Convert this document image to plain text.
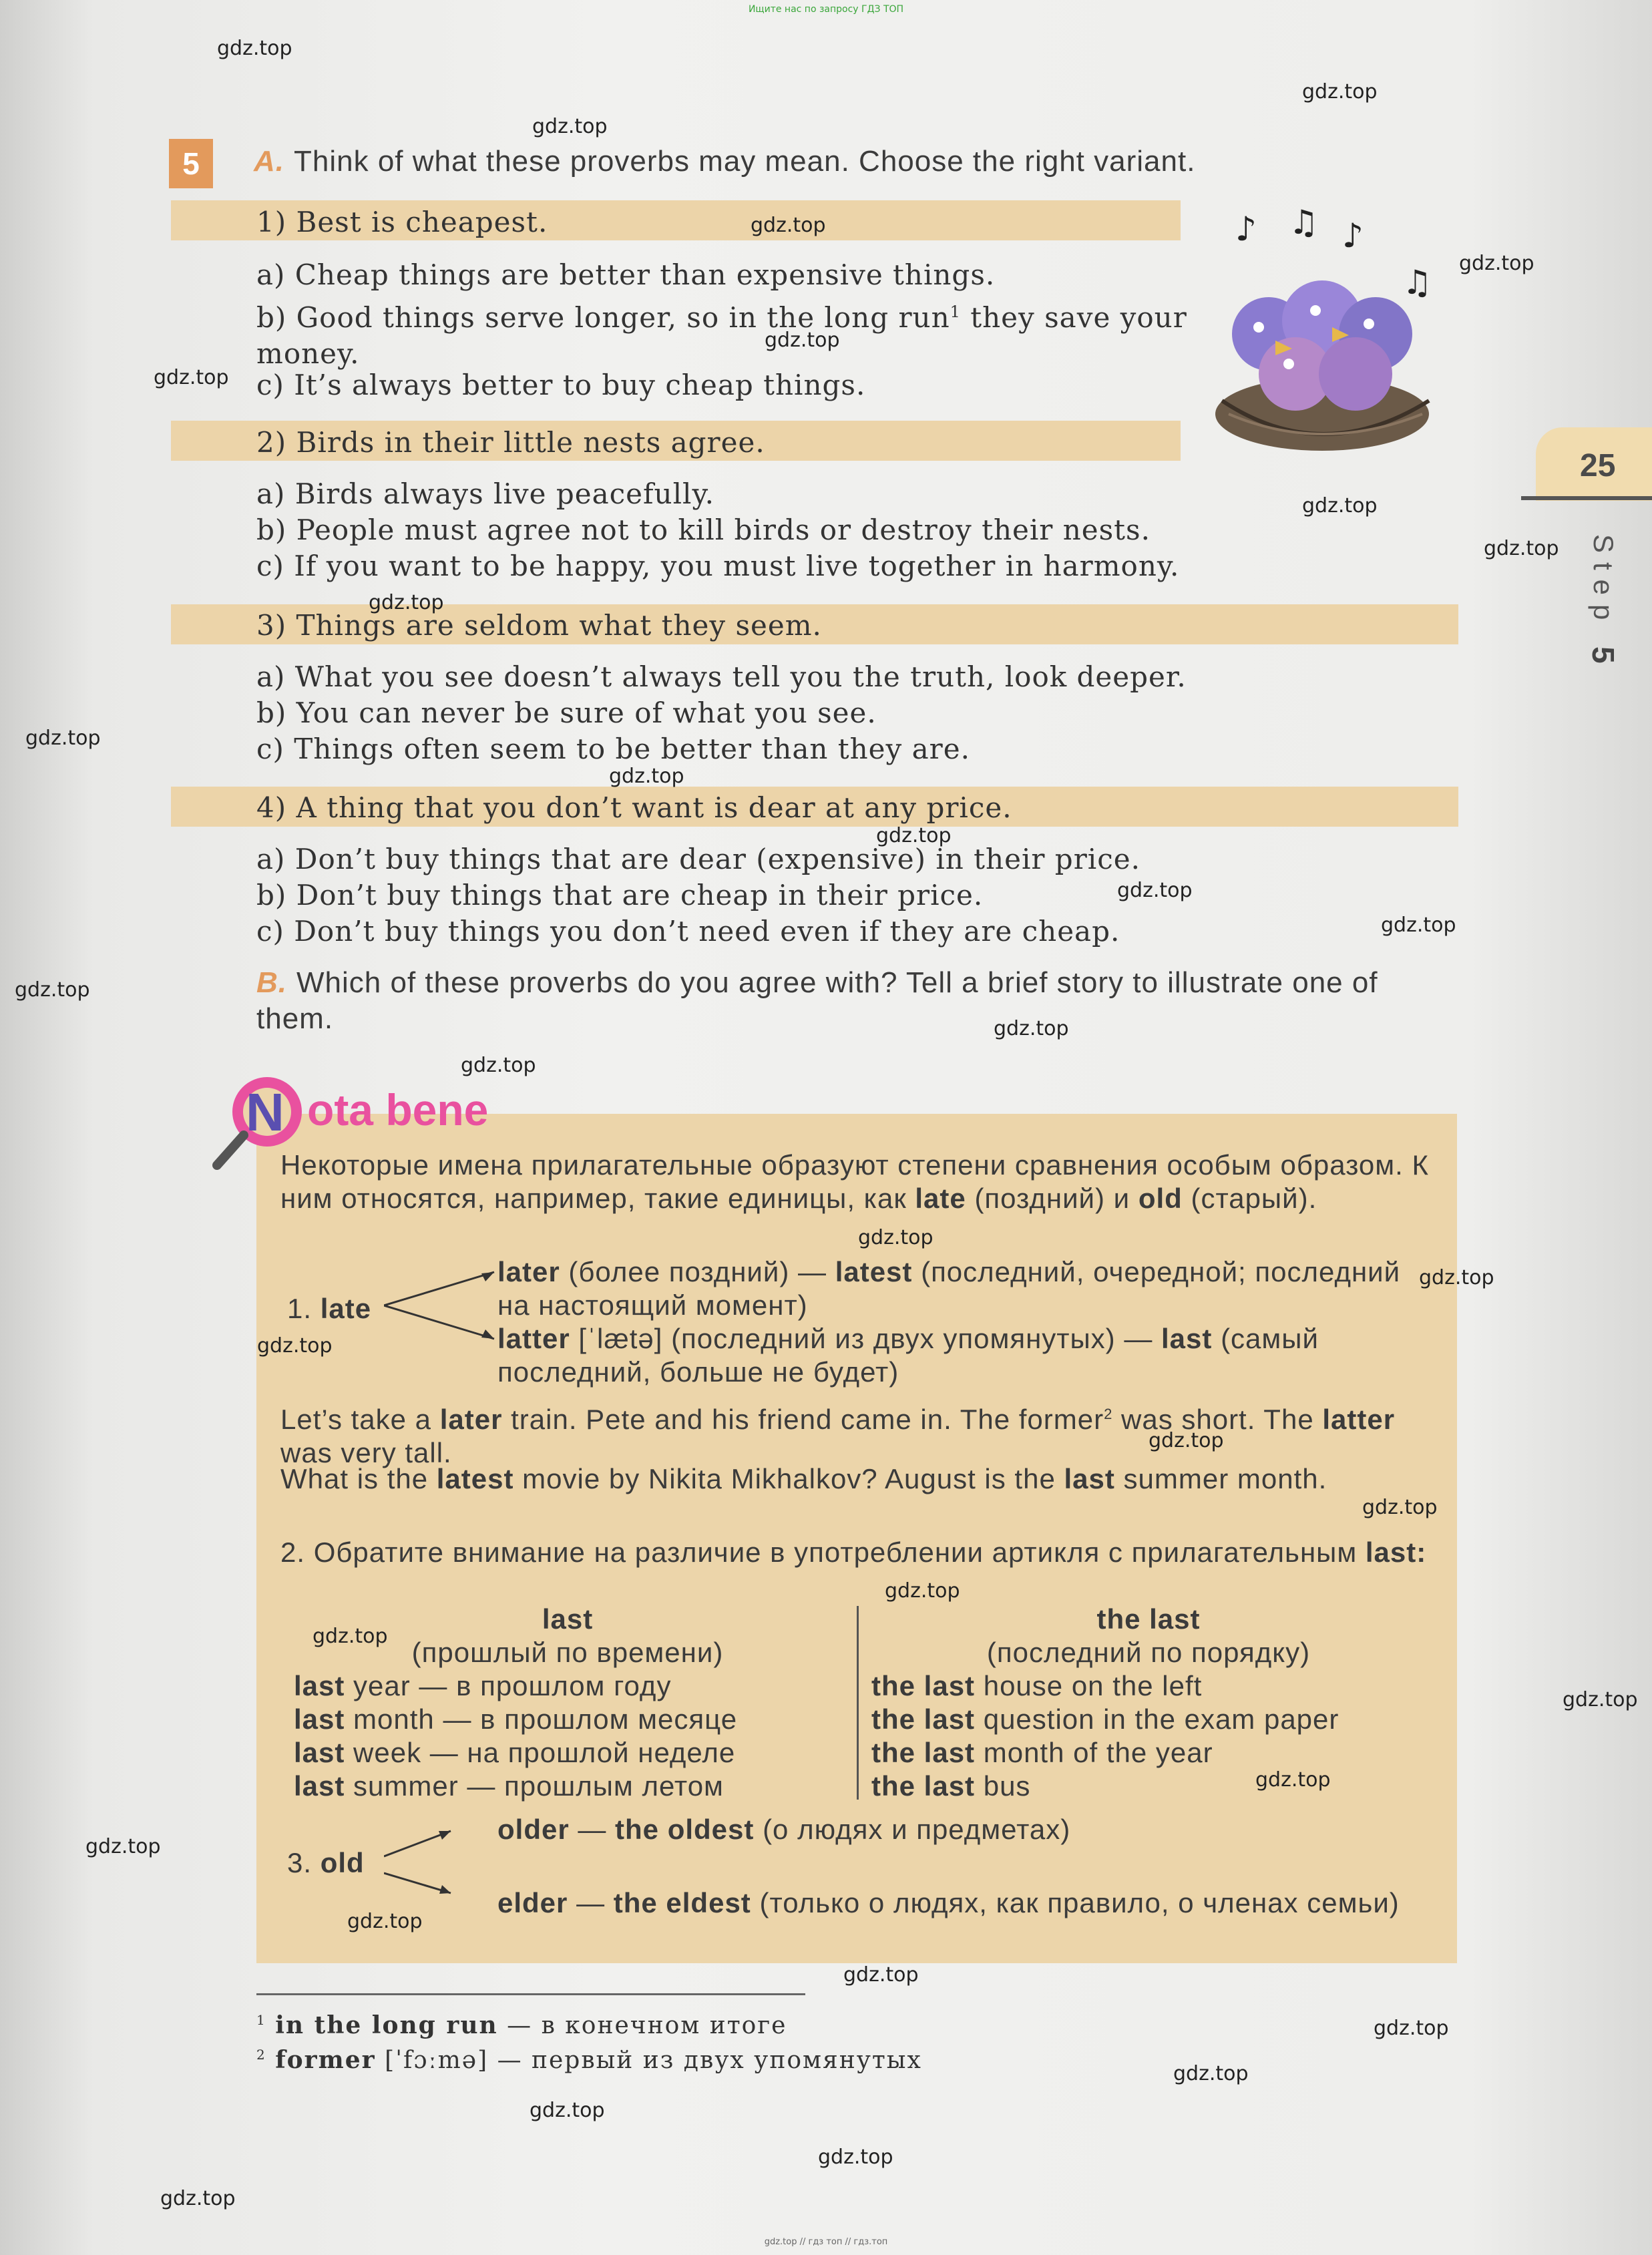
Ищите нас по запросу ГДЗ ТОП
5	A. Think of what these proverbs may mean. Choose the right variant.
1) Best is cheapest.
a) Cheap things are better than expensive things.
b) Good things serve longer, so in the long run$^1$ they save your money.
c) It’s always better to buy cheap things.
♪ ♫ ♪
♫
2) Birds in their little nests agree.
a) Birds always live peacefully.
b) People must agree not to kill birds or destroy their nests.
c) If you want to be happy, you must live together in harmony.
3) Things are seldom what they seem.
a) What you see doesn’t always tell you the truth, look deeper.
b) You can never be sure of what you see.
c) Things often seem to be better than they are.
4) A thing that you don’t want is dear at any price.
a) Don’t buy things that are dear (expensive) in their price.
b) Don’t buy things that are cheap in their price.
c) Don’t buy things you don’t need even if they are cheap.
B. Which of these proverbs do you agree with? Tell a brief story to illustrate one of them.
25
Step 5
N ota bene
Некоторые имена прилагательные образуют степени сравнения особым образом. К ним относятся, например, такие единицы, как late (поздний) и old (старый).
1. late
later (более поздний) — latest (последний, очередной; последний на настоящий момент)
latter [ˈlætə] (последний из двух упомянутых) — last (самый последний, больше не будет)
Let’s take a later train. Pete and his friend came in. The former$^2$ was short. The latter was very tall.
What is the latest movie by Nikita Mikhalkov? August is the last summer month.
2. Обратите внимание на различие в употреблении артикля с прилагательным last:
last
(прошлый по времени)
last year — в прошлом году
last month — в прошлом месяце
last week — на прошлой неделе
last summer — прошлым летом
the last
(последний по порядку)
the last house on the left
the last question in the exam paper
the last month of the year
the last bus
3. old
older — the oldest (о людях и предметах)
elder — the eldest (только о людях, как правило, о членах семьи)
$^1$ in the long run — в конечном итоге
$^2$ former [ˈfɔːmə] — первый из двух упомянутых
gdz.top
gdz.top
gdz.top
gdz.top
gdz.top
gdz.top
gdz.top
gdz.top
gdz.top
gdz.top
gdz.top
gdz.top
gdz.top
gdz.top
gdz.top
gdz.top
gdz.top
gdz.top
gdz.top
gdz.top
gdz.top
gdz.top
gdz.top
gdz.top
gdz.top
gdz.top
gdz.top
gdz.top
gdz.top
gdz.top
gdz.top
gdz.top
gdz.top
gdz.top
gdz.top
gdz.top // гдз топ // гдз.топ
